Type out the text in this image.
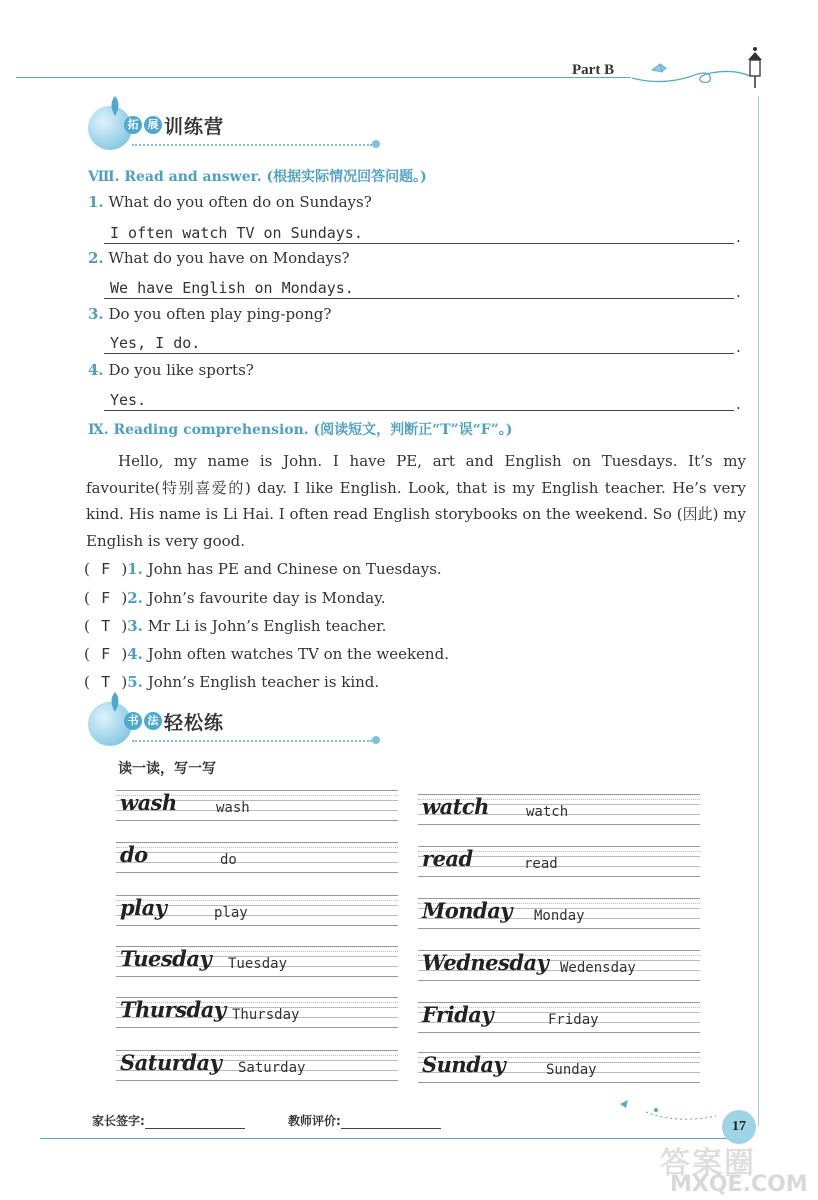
Part B
拓 展 训练营
Ⅷ. Read and answer. (根据实际情况回答问题。)
1. What do you often do on Sundays?
I often watch TV on Sundays.	.
2. What do you have on Mondays?
We have English on Mondays.	.
3. Do you often play ping-pong?
Yes, I do.	.
4. Do you like sports?
Yes.	.
Ⅸ. Reading comprehension. (阅读短文，判断正“T”误“F”。)

Hello, my name is John. I have PE, art and English on Tuesdays. It’s my favourite(特别喜爱的) day. I like English. Look, that is my English teacher. He’s very kind. His name is Li Hai. I often read English storybooks on the weekend. So (因此) my English is very good.

( F )1. John has PE and Chinese on Tuesdays.
( F )2. John’s favourite day is Monday.
( T )3. Mr Li is John’s English teacher.
( F )4. John often watches TV on the weekend.
( T )5. John’s English teacher is kind.
书 法 轻松练
读一读，写一写
wash	wash	watch	watch
do	do	read	read
play	play	Monday Monday
Tuesday Tuesday	Wednesday Wedensday
Thursday Thursday	Friday	Friday
Saturday Saturday	Sunday	Sunday
家长签字:	教师评价:	17
答案圈
MXQE.COM
